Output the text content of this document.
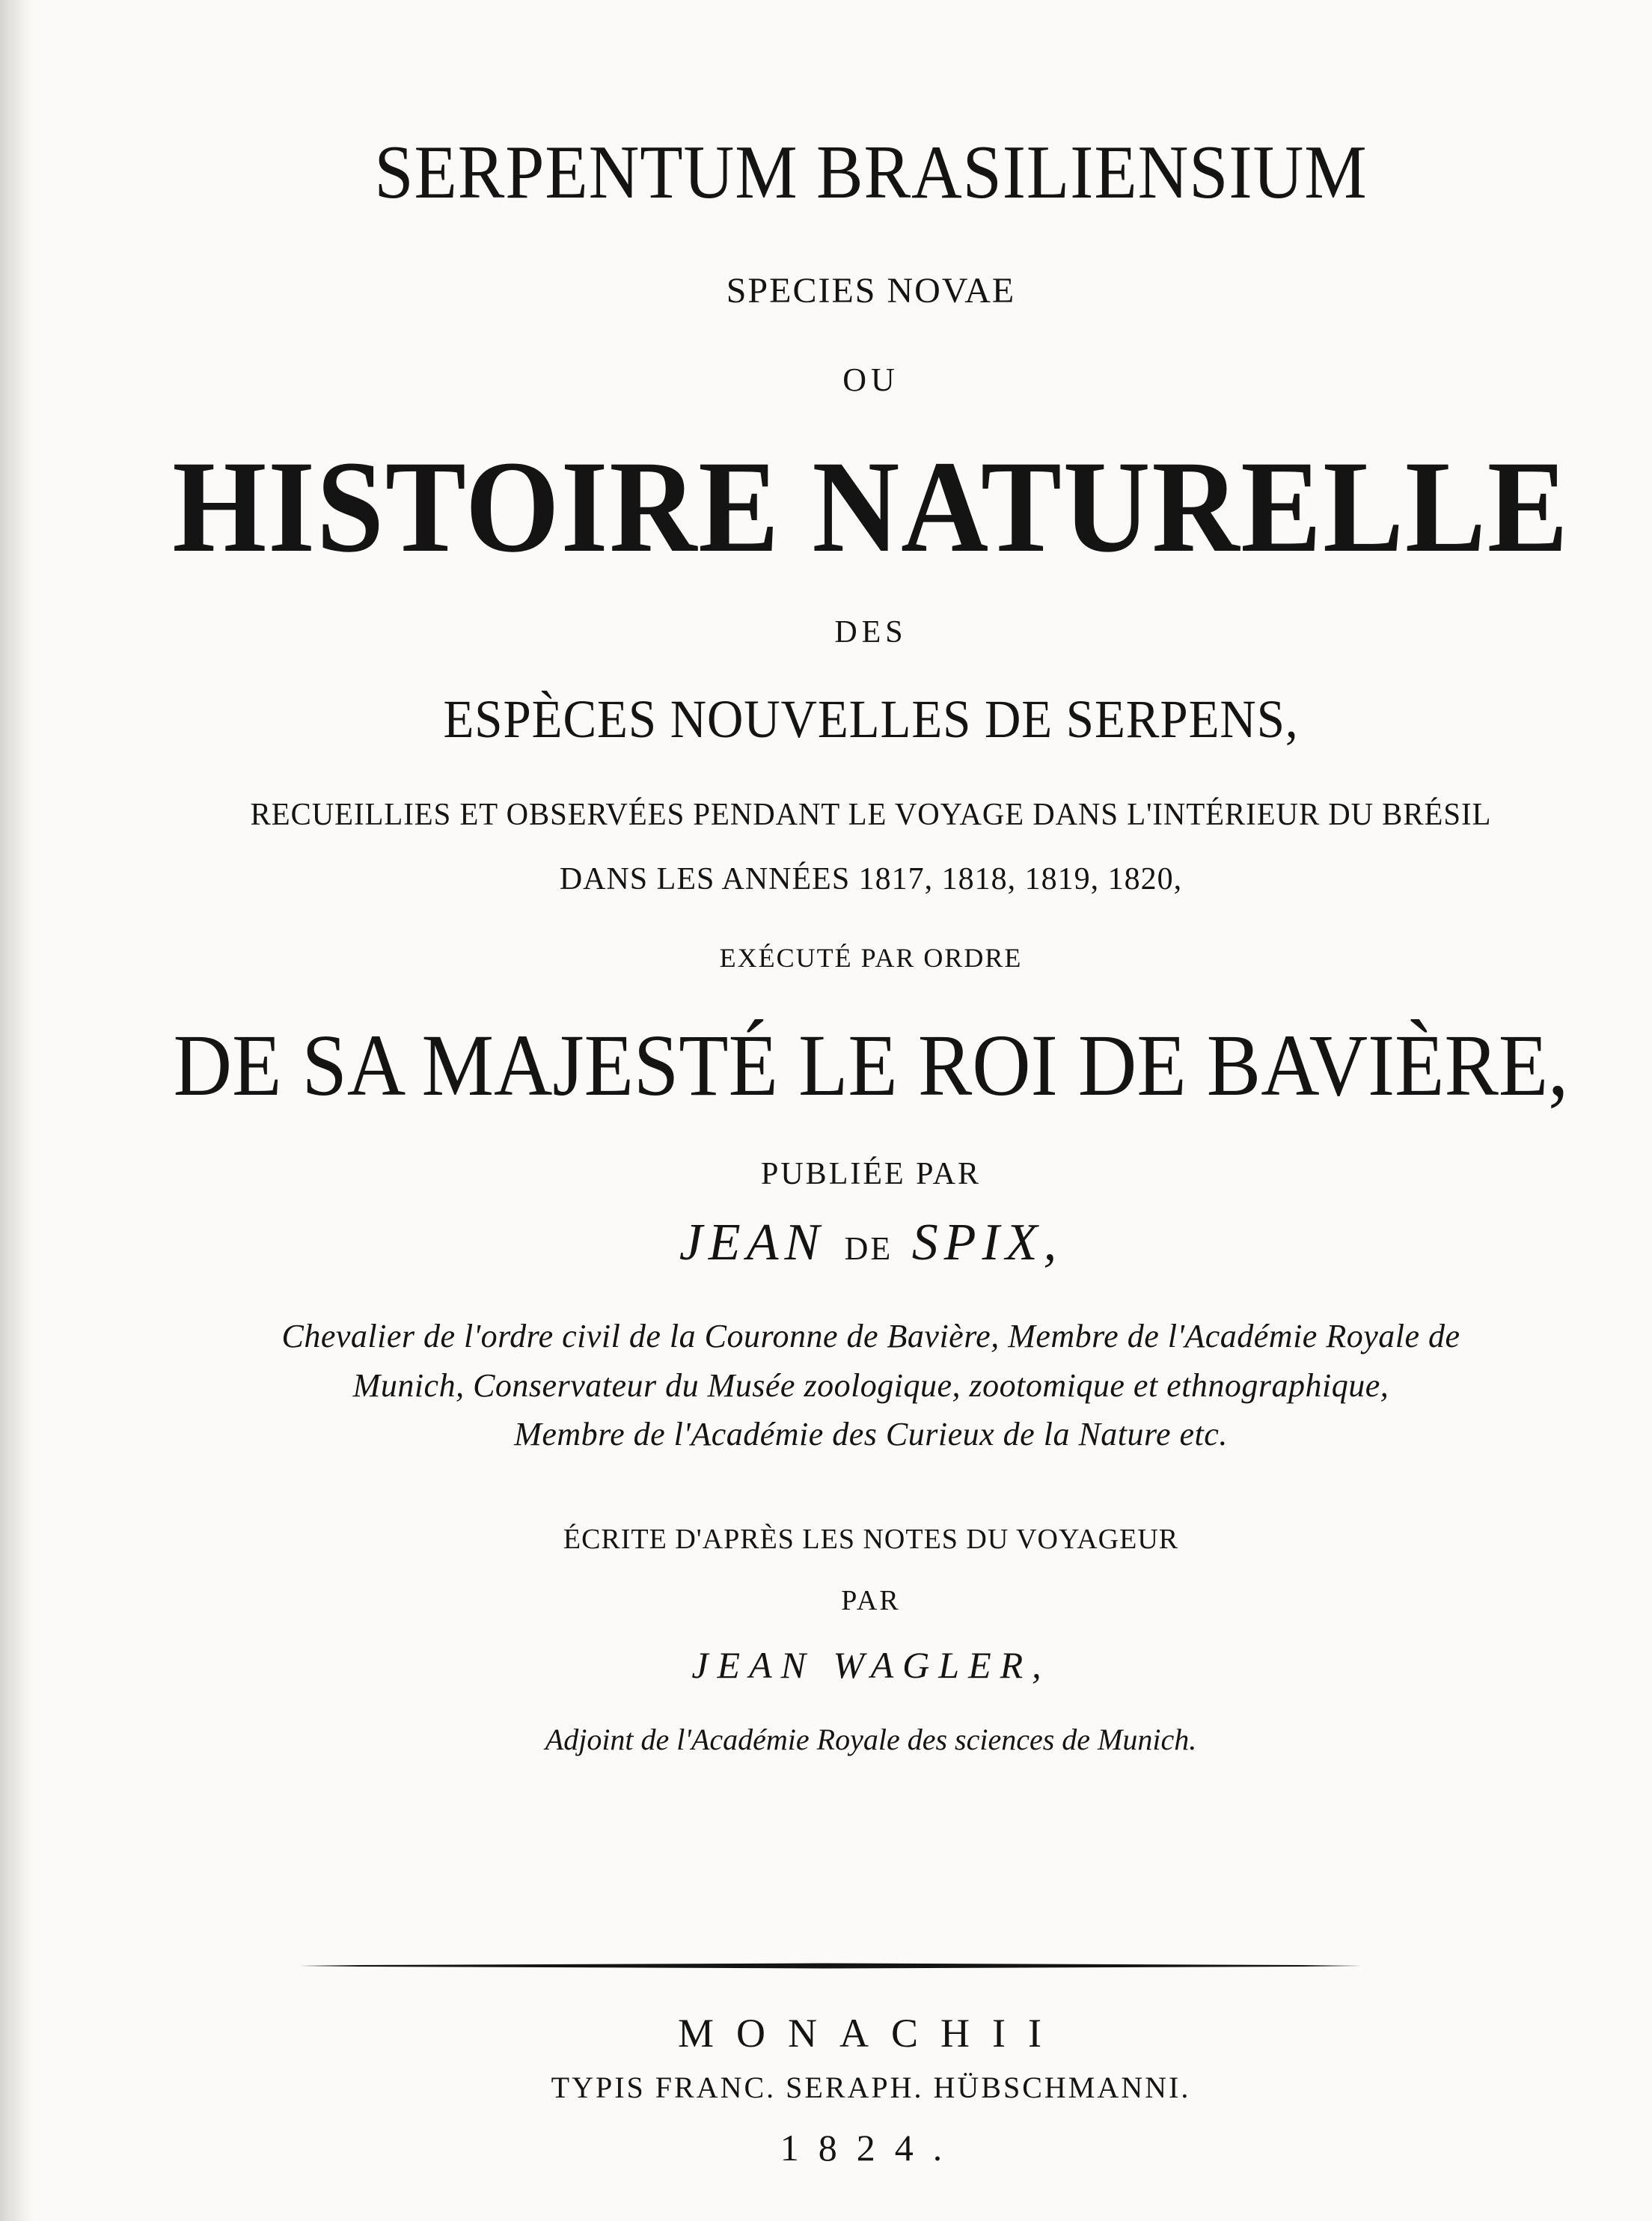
SERPENTUM BRASILIENSIUM
SPECIES NOVAE
OU
HISTOIRE NATURELLE
DES
ESPÈCES NOUVELLES DE SERPENS,
RECUEILLIES ET OBSERVÉES PENDANT LE VOYAGE DANS L'INTÉRIEUR DU BRÉSIL
DANS LES ANNÉES 1817, 1818, 1819, 1820,
EXÉCUTÉ PAR ORDRE
DE SA MAJESTÉ LE ROI DE BAVIÈRE,
PUBLIÉE PAR
JEAN DE SPIX,
Chevalier de l'ordre civil de la Couronne de Bavière, Membre de l'Académie Royale de
Munich, Conservateur du Musée zoologique, zootomique et ethnographique,
Membre de l'Académie des Curieux de la Nature etc.
ÉCRITE D'APRÈS LES NOTES DU VOYAGEUR
PAR
JEAN WAGLER,
Adjoint de l'Académie Royale des sciences de Munich.
MONACHII
TYPIS FRANC. SERAPH. HÜBSCHMANNI.
1824.
